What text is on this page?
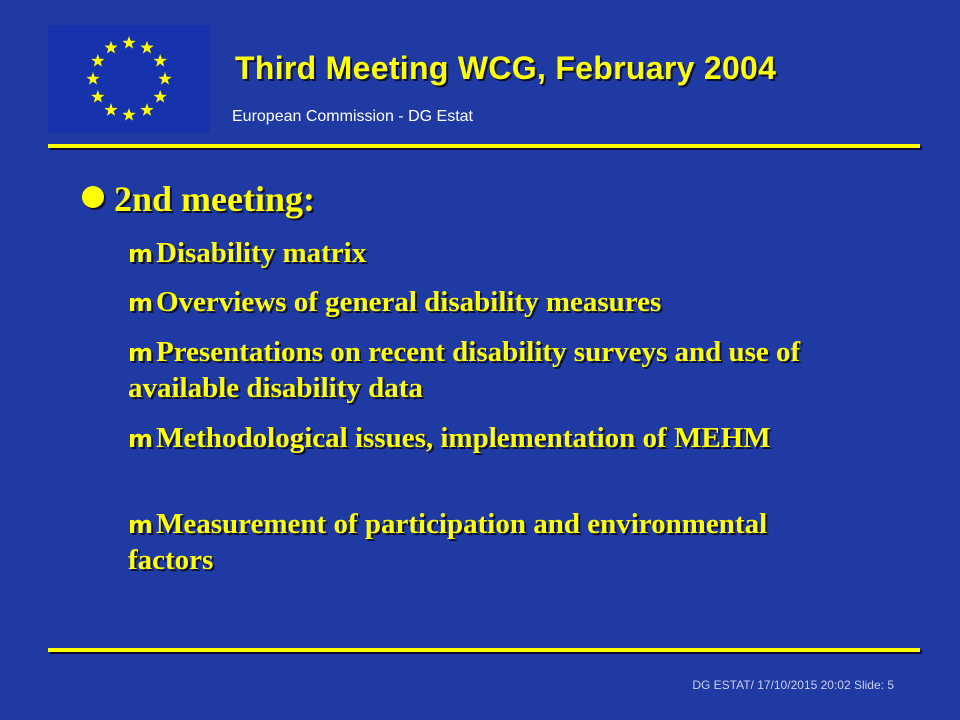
Third Meeting WCG, February 2004
European Commission - DG Estat
2nd meeting:
m Disability matrix
m Overviews of general disability measures
m Presentations on recent disability surveys and use of available disability data
m Methodological issues, implementation of MEHM
m Measurement of participation and environmental factors
DG ESTAT/ 17/10/2015 20:02 Slide: 5
